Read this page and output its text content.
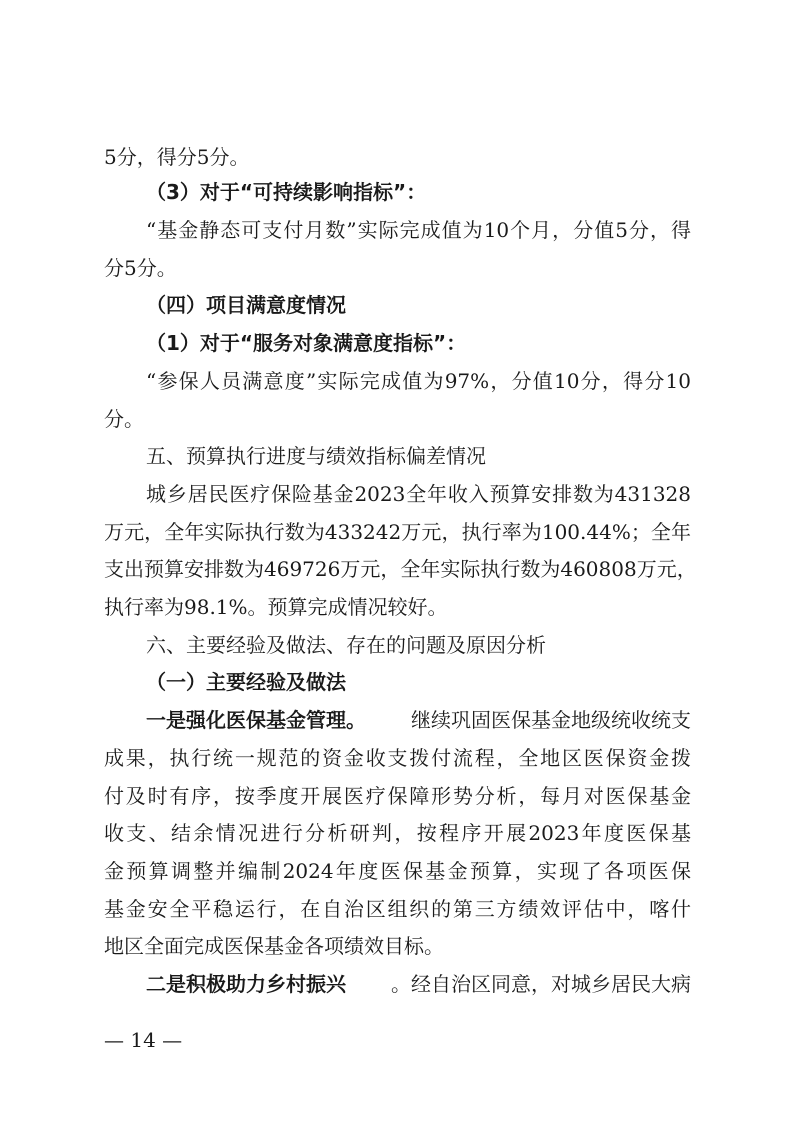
5分，得分5分。
（3）对于“可持续影响指标”：
“基金静态可支付月数”实际完成值为10个月，分值5分，得
分5分。
（四）项目满意度情况
（1）对于“服务对象满意度指标”：
“参保人员满意度”实际完成值为97%，分值10分，得分10
分。
五、预算执行进度与绩效指标偏差情况
城乡居民医疗保险基金2023全年收入预算安排数为431328
万元，全年实际执行数为433242万元，执行率为100.44%；全年
支出预算安排数为469726万元，全年实际执行数为460808万元，
执行率为98.1%。预算完成情况较好。
六、主要经验及做法、存在的问题及原因分析
（一）主要经验及做法
一是强化医保基金管理。 继续巩固医保基金地级统收统支
成果，执行统一规范的资金收支拨付流程，全地区医保资金拨
付及时有序，按季度开展医疗保障形势分析，每月对医保基金
收支、结余情况进行分析研判，按程序开展2023年度医保基
金预算调整并编制2024年度医保基金预算，实现了各项医保
基金安全平稳运行，在自治区组织的第三方绩效评估中，喀什
地区全面完成医保基金各项绩效目标。
二是积极助力乡村振兴 。经自治区同意，对城乡居民大病
— 14 —
